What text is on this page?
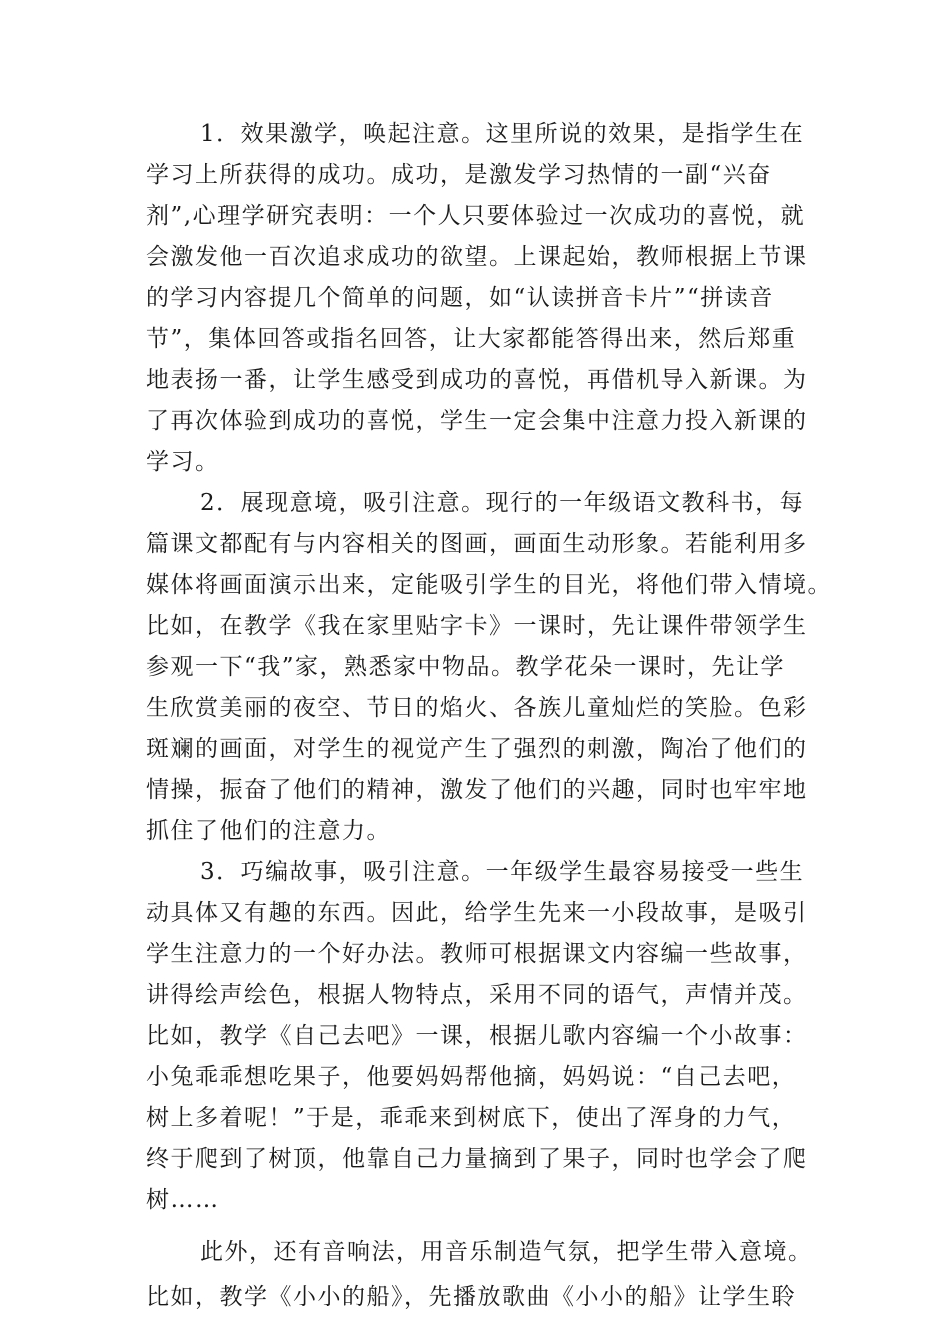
1．效果激学，唤起注意。这里所说的效果，是指学生在
学习上所获得的成功。成功，是激发学习热情的一副“兴奋
剂”,心理学研究表明：一个人只要体验过一次成功的喜悦，就
会激发他一百次追求成功的欲望。上课起始，教师根据上节课
的学习内容提几个简单的问题，如“认读拼音卡片”“拼读音
节”，集体回答或指名回答，让大家都能答得出来，然后郑重
地表扬一番，让学生感受到成功的喜悦，再借机导入新课。为
了再次体验到成功的喜悦，学生一定会集中注意力投入新课的
学习。
2．展现意境，吸引注意。现行的一年级语文教科书，每
篇课文都配有与内容相关的图画，画面生动形象。若能利用多
媒体将画面演示出来，定能吸引学生的目光，将他们带入情境。
比如，在教学《我在家里贴字卡》一课时，先让课件带领学生
参观一下“我”家，熟悉家中物品。教学花朵一课时，先让学
生欣赏美丽的夜空、节日的焰火、各族儿童灿烂的笑脸。色彩
斑斓的画面，对学生的视觉产生了强烈的刺激，陶冶了他们的
情操，振奋了他们的精神，激发了他们的兴趣，同时也牢牢地
抓住了他们的注意力。
3．巧编故事，吸引注意。一年级学生最容易接受一些生
动具体又有趣的东西。因此，给学生先来一小段故事，是吸引
学生注意力的一个好办法。教师可根据课文内容编一些故事，
讲得绘声绘色，根据人物特点，采用不同的语气，声情并茂。
比如，教学《自己去吧》一课，根据儿歌内容编一个小故事：
小兔乖乖想吃果子，他要妈妈帮他摘，妈妈说：“自己去吧，
树上多着呢！”于是，乖乖来到树底下，使出了浑身的力气，
终于爬到了树顶，他靠自己力量摘到了果子，同时也学会了爬
树……
此外，还有音响法，用音乐制造气氛，把学生带入意境。
比如，教学《小小的船》，先播放歌曲《小小的船》让学生聆
